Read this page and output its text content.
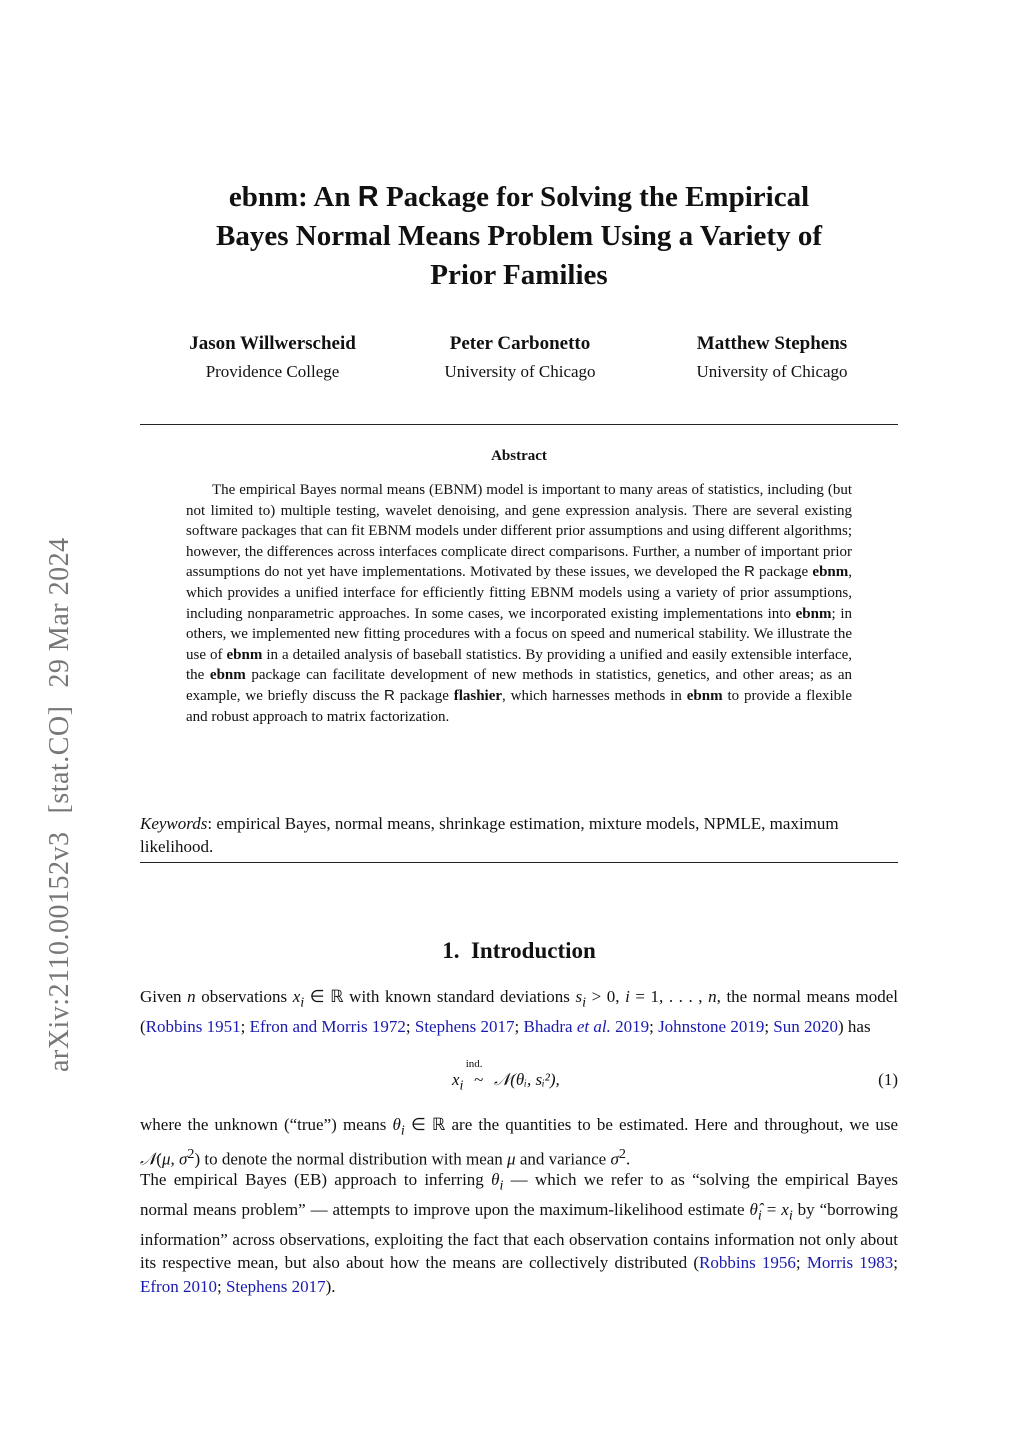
arXiv:2110.00152v3[stat.CO]29 Mar 2024
ebnm: An R Package for Solving the Empirical
Bayes Normal Means Problem Using a Variety of
Prior Families
Jason Willwerscheid
Providence College
Peter Carbonetto
University of Chicago
Matthew Stephens
University of Chicago
Abstract

The empirical Bayes normal means (EBNM) model is important to many areas of statistics, including (but not limited to) multiple testing, wavelet denoising, and gene expression analysis. There are several existing software packages that can fit EBNM models under different prior assumptions and using different algorithms; however, the differences across interfaces complicate direct comparisons. Further, a number of important prior assumptions do not yet have implementations. Motivated by these issues, we developed the R package ebnm, which provides a unified interface for efficiently fitting EBNM models using a variety of prior assumptions, including nonparametric approaches. In some cases, we incorporated existing implementations into ebnm; in others, we implemented new fitting procedures with a focus on speed and numerical stability. We illustrate the use of ebnm in a detailed analysis of baseball statistics. By providing a unified and easily extensible interface, the ebnm package can facilitate development of new methods in statistics, genetics, and other areas; as an example, we briefly discuss the R package flashier, which harnesses methods in ebnm to provide a flexible and robust approach to matrix factorization.

Keywords: empirical Bayes, normal means, shrinkage estimation, mixture models, NPMLE, maximum likelihood.
1. Introduction

Given n observations $x_i$ ∈ ℝ with known standard deviations $s_i > 0$, i = 1, . . . , n, the normal means model (Robbins 1951; Efron and Morris 1972; Stephens 2017; Bhadra et al. 2019; Johnstone 2019; Sun 2020) has

$x_i$
ind.
~ 𝒩(θᵢ, sᵢ²),	(1)

where the unknown (“true”) means $\theta_i$ ∈ ℝ are the quantities to be estimated. Here and throughout, we use 𝒩(μ, $\sigma^2$) to denote the normal distribution with mean μ and variance $\sigma^2$.

The empirical Bayes (EB) approach to inferring $\theta_i$ — which we refer to as “solving the empirical Bayes normal means problem” — attempts to improve upon the maximum-likelihood estimate $\thetâ_i = x_i$ by “borrowing information” across observations, exploiting the fact that each observation contains information not only about its respective mean, but also about how the means are collectively distributed (Robbins 1956; Morris 1983; Efron 2010; Stephens 2017).
